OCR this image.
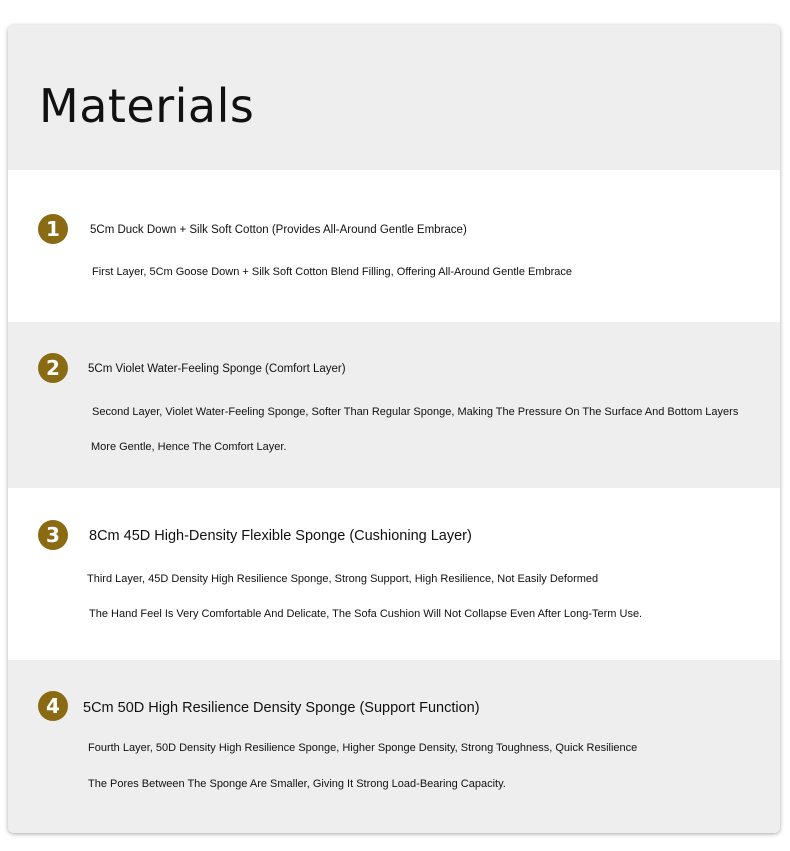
Materials
1	5Cm Duck Down + Silk Soft Cotton (Provides All-Around Gentle Embrace)

First Layer, 5Cm Goose Down + Silk Soft Cotton Blend Filling, Offering All-Around Gentle Embrace

2	5Cm Violet Water-Feeling Sponge (Comfort Layer)

Second Layer, Violet Water-Feeling Sponge, Softer Than Regular Sponge, Making The Pressure On The Surface And Bottom Layers

More Gentle, Hence The Comfort Layer.

3	8Cm 45D High-Density Flexible Sponge (Cushioning Layer)

Third Layer, 45D Density High Resilience Sponge, Strong Support, High Resilience, Not Easily Deformed

The Hand Feel Is Very Comfortable And Delicate, The Sofa Cushion Will Not Collapse Even After Long-Term Use.

4	5Cm 50D High Resilience Density Sponge (Support Function)

Fourth Layer, 50D Density High Resilience Sponge, Higher Sponge Density, Strong Toughness, Quick Resilience

The Pores Between The Sponge Are Smaller, Giving It Strong Load-Bearing Capacity.
